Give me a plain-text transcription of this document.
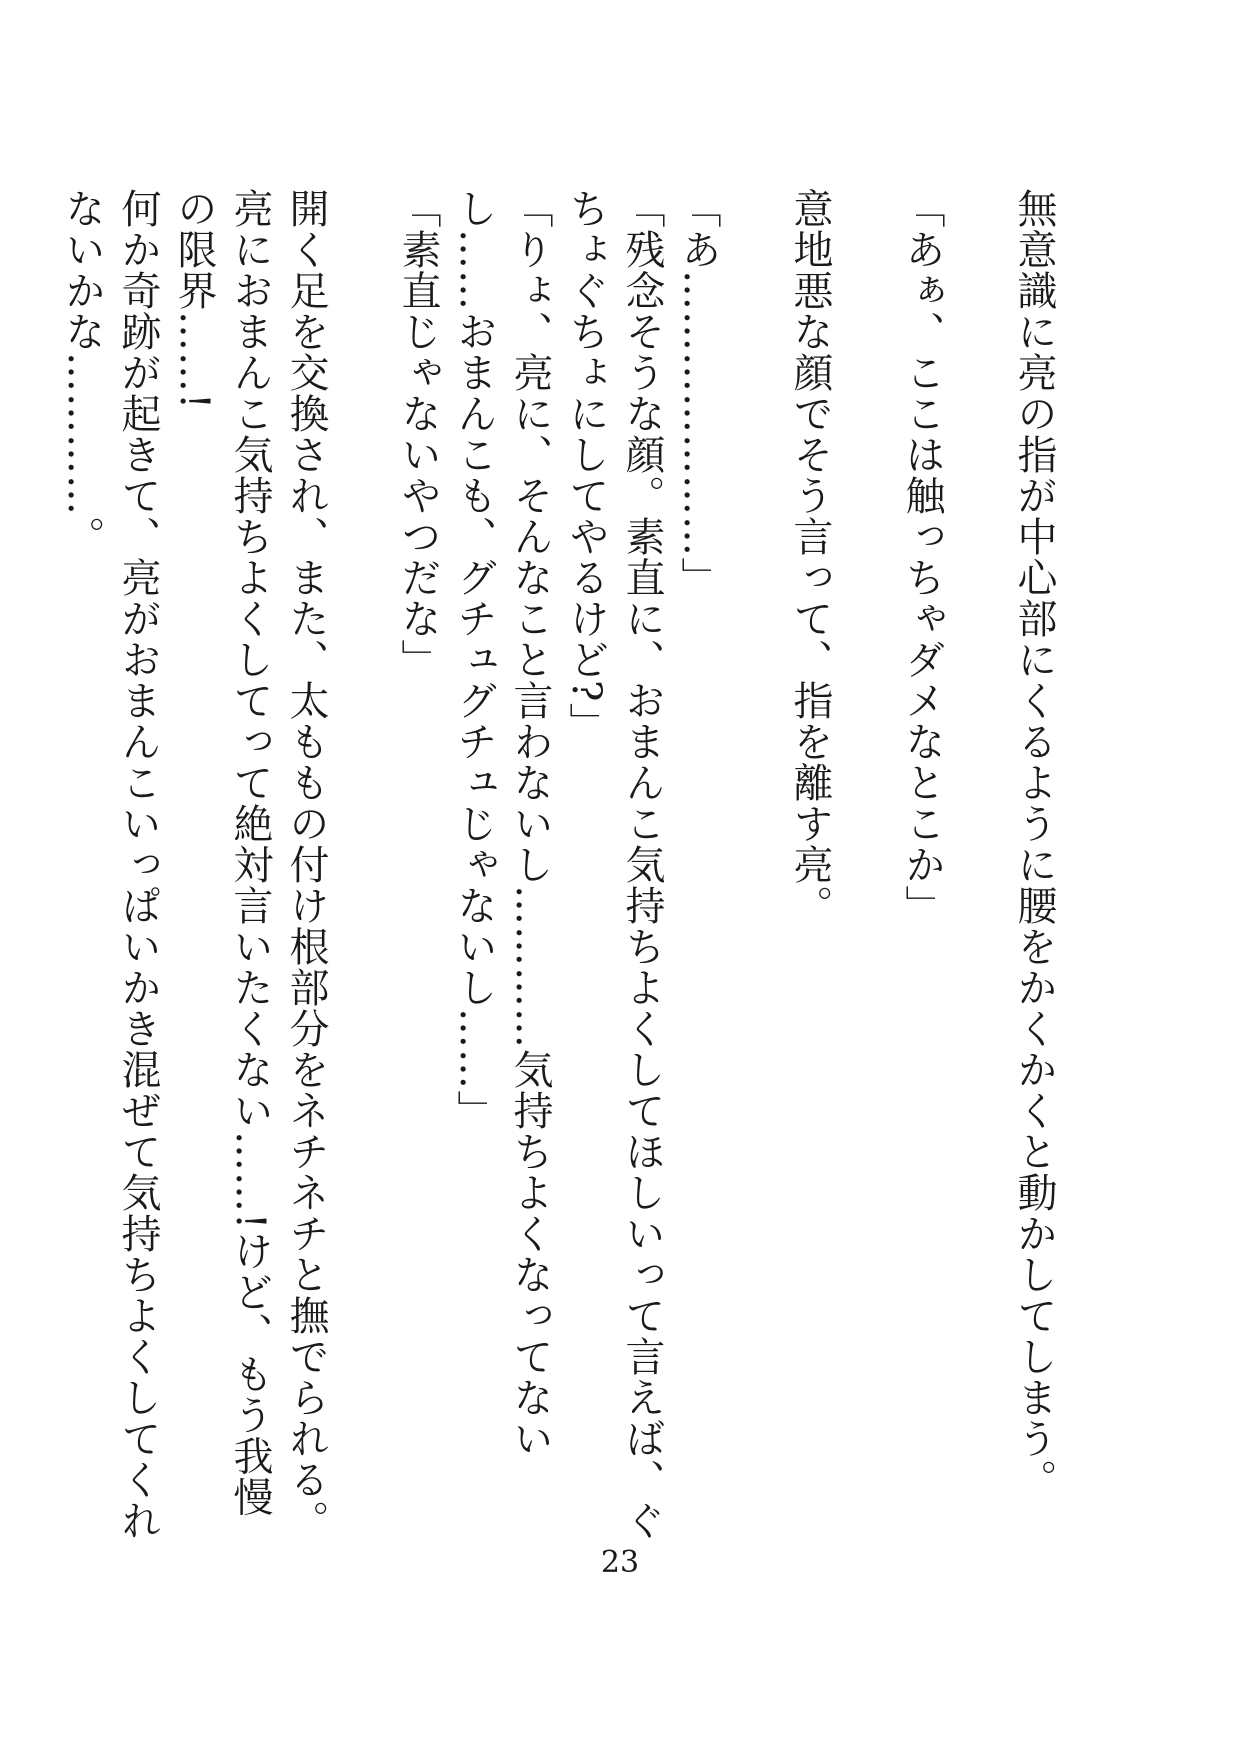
無意識に亮の指が中心部にくるように腰をかくかくと動かしてしまう。
「あぁ、ここは触っちゃダメなとこか」
意地悪な顔でそう言って、指を離す亮。
「あ…………………」
「残念そうな顔。素直に、おまんこ気持ちよくしてほしいって言えば、ぐちょぐちょにしてやるけど?」
「りょ、亮に、そんなこと言わないし…………気持ちよくなってないし……おまんこも、グチュグチュじゃないし……」
「素直じゃないやつだな」
開く足を交換され、また、太ももの付け根部分をネチネチと撫でられる。
亮におまんこ気持ちよくしてって絶対言いたくない……!けど、もう我慢の限界……!
何か奇跡が起きて、亮がおまんこいっぱいかき混ぜて気持ちよくしてくれないかな…………。
23
